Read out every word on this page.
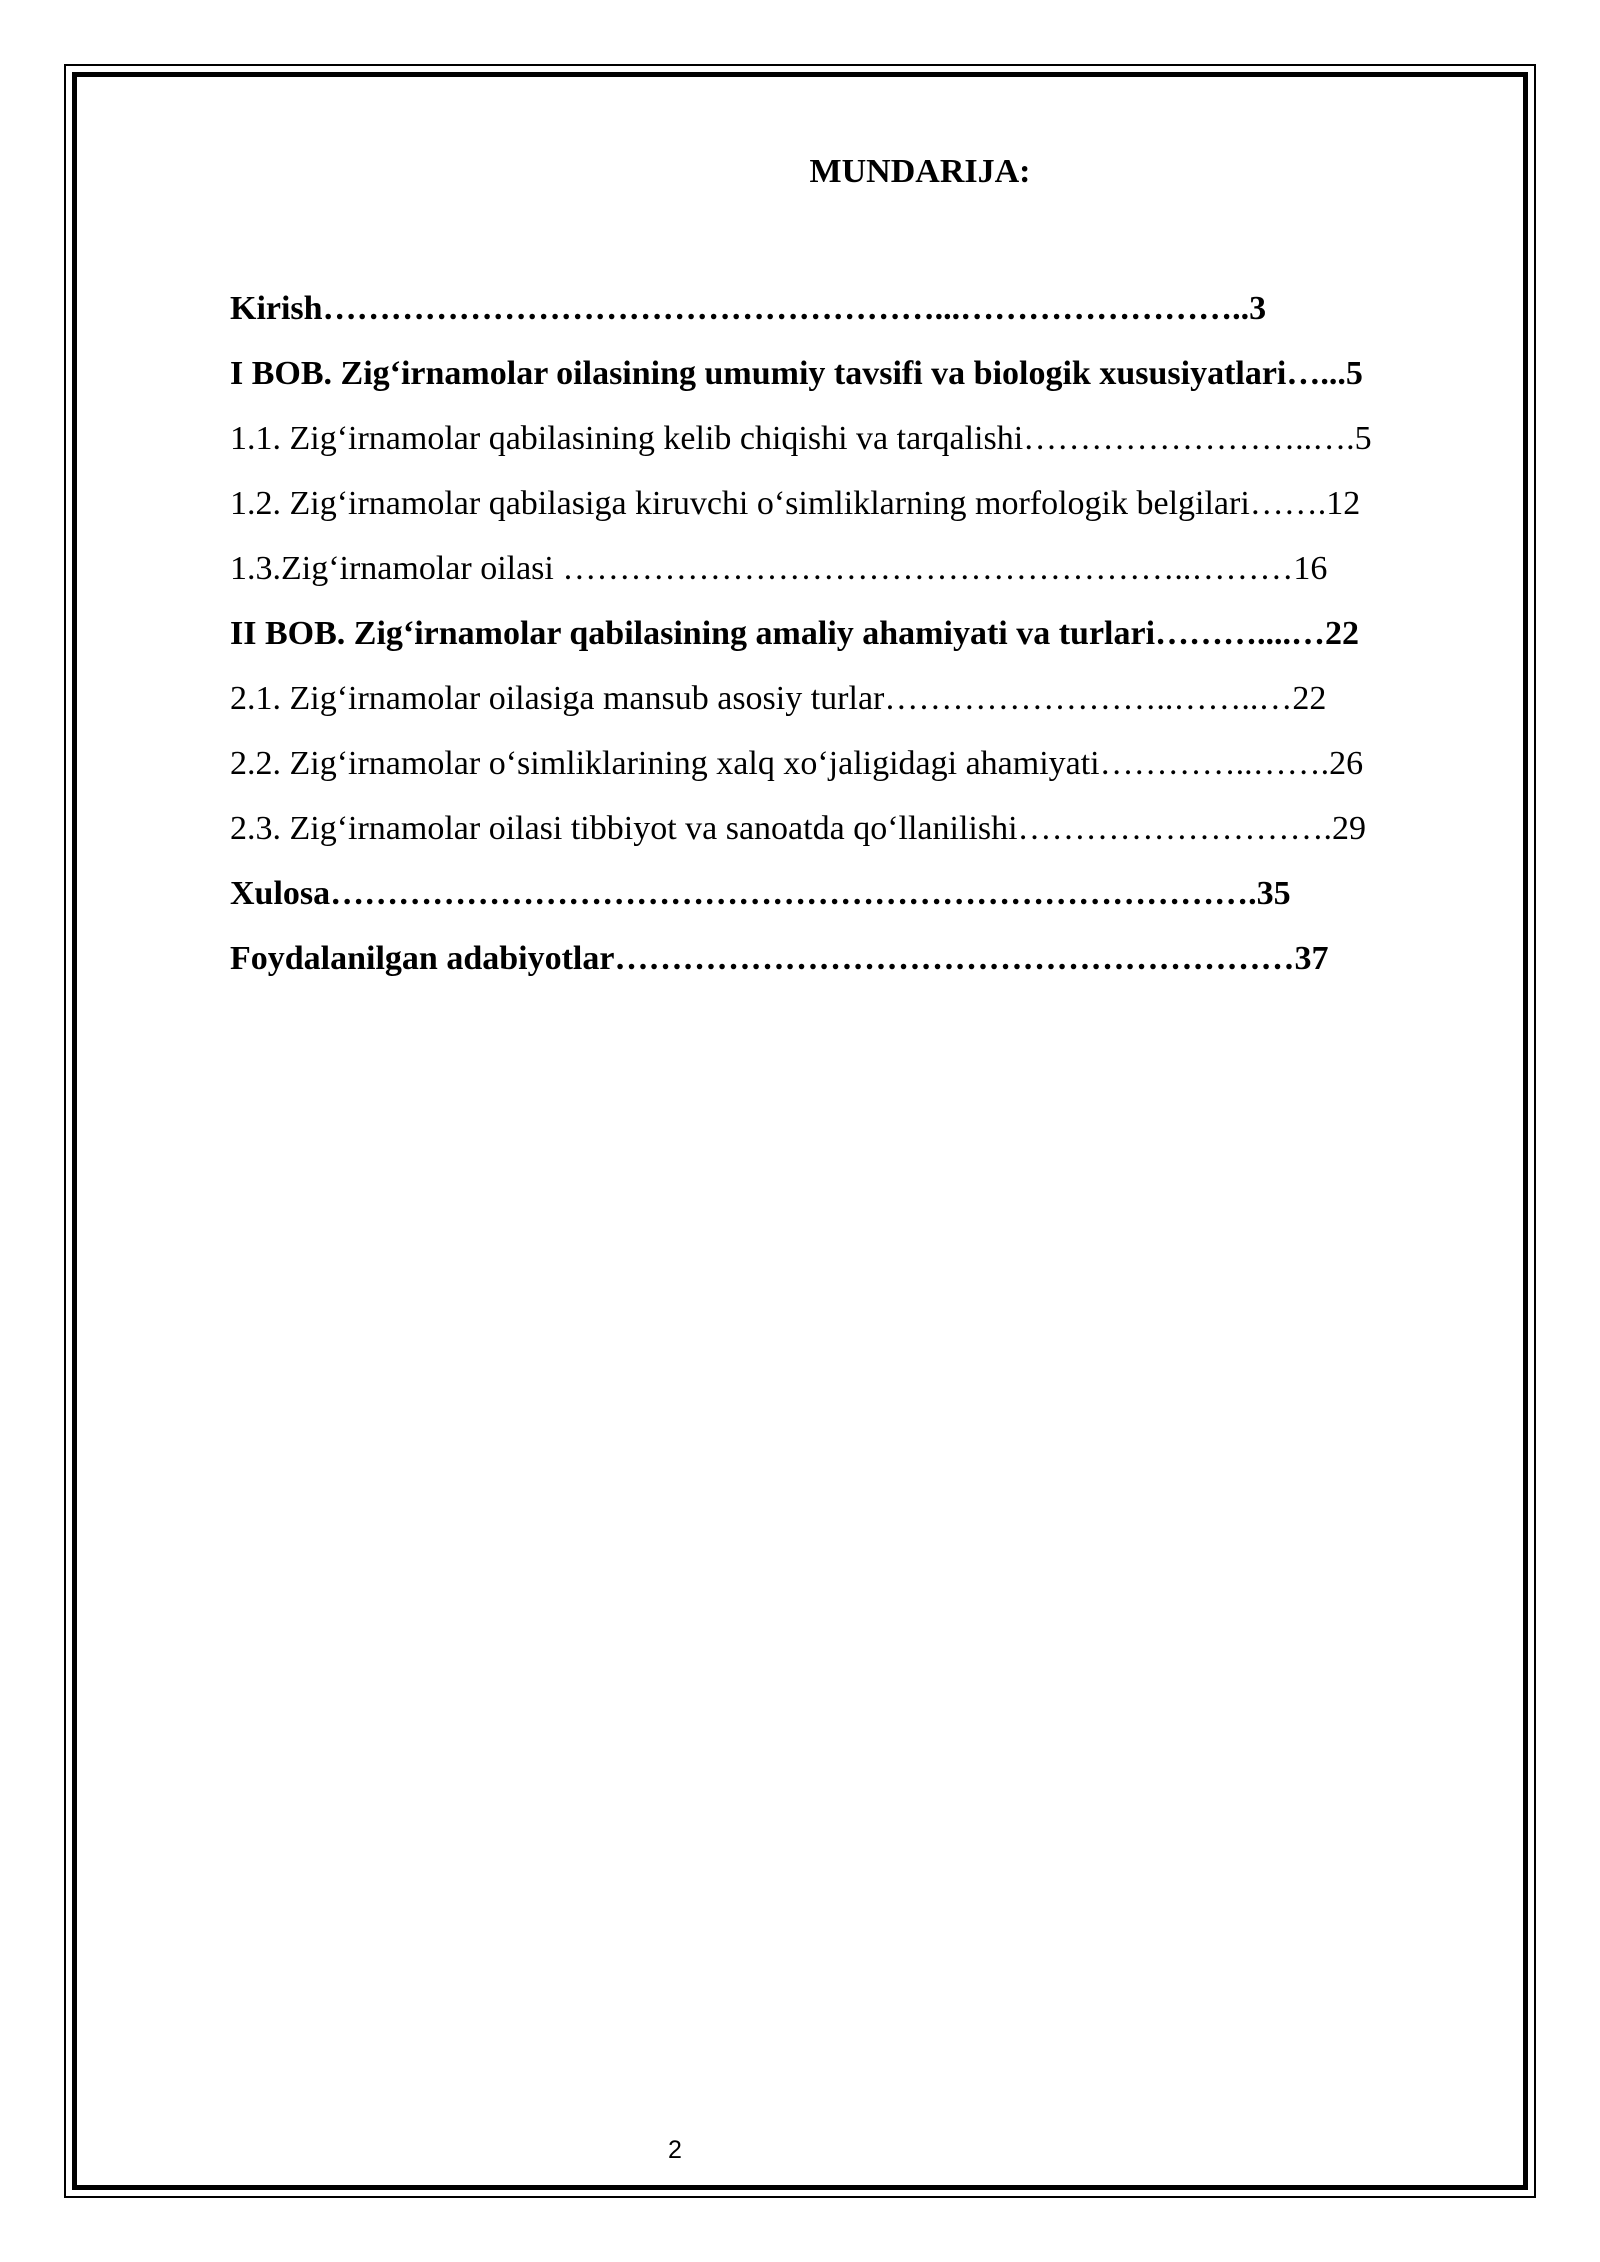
MUNDARIJA:
Kirish………………………………………………...……………………..3
I BOB. Zig‘irnamolar oilasining umumiy tavsifi va biologik xususiyatlari…...5
1.1. Zig‘irnamolar qabilasining kelib chiqishi va tarqalishi……………………..….5
1.2. Zig‘irnamolar qabilasiga kiruvchi o‘simliklarning morfologik belgilari…….12
1.3.Zig‘irnamolar oilasi ………………………………………………..………16
II BOB. Zig‘irnamolar qabilasining amaliy ahamiyati va turlari………....…22
2.1. Zig‘irnamolar oilasiga mansub asosiy turlar……………………..……..…22
2.2. Zig‘irnamolar o‘simliklarining xalq xo‘jaligidagi ahamiyati…………..…….26
2.3. Zig‘irnamolar oilasi tibbiyot va sanoatda qo‘llanilishi……………………….29
Xulosa……………………………………………………………………….35
Foydalanilgan adabiyotlar……………………………………………………37
2
